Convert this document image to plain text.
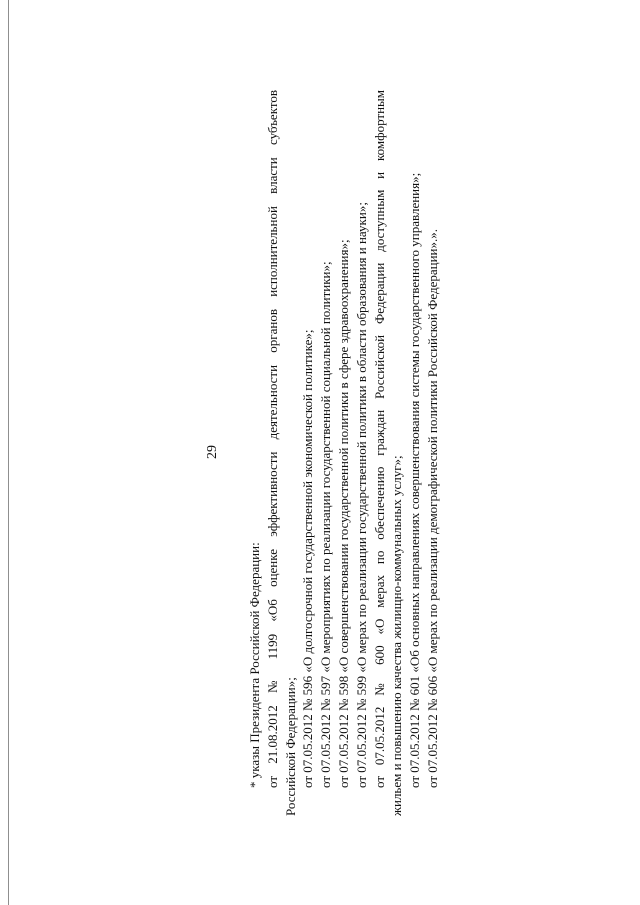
29
* указы Президента Российской Федерации: от 21.08.2012 № 1199 «Об оценке эффективности деятельности органов исполнительной власти субъектов Российской Федерации»; от 07.05.2012 № 596 «О долгосрочной государственной экономической политике»; от 07.05.2012 № 597 «О мероприятиях по реализации государственной социальной политики»; от 07.05.2012 № 598 «О совершенствовании государственной политики в сфере здравоохранения»; от 07.05.2012 № 599 «О мерах по реализации государственной политики в области образования и науки»; от 07.05.2012 № 600 «О мерах по обеспечению граждан Российской Федерации доступным и комфортным жильем и повышению качества жилищно-коммунальных услуг»; от 07.05.2012 № 601 «Об основных направлениях совершенствования системы государственного управления»; от 07.05.2012 № 606 «О мерах по реализации демографической политики Российской Федерации».».
